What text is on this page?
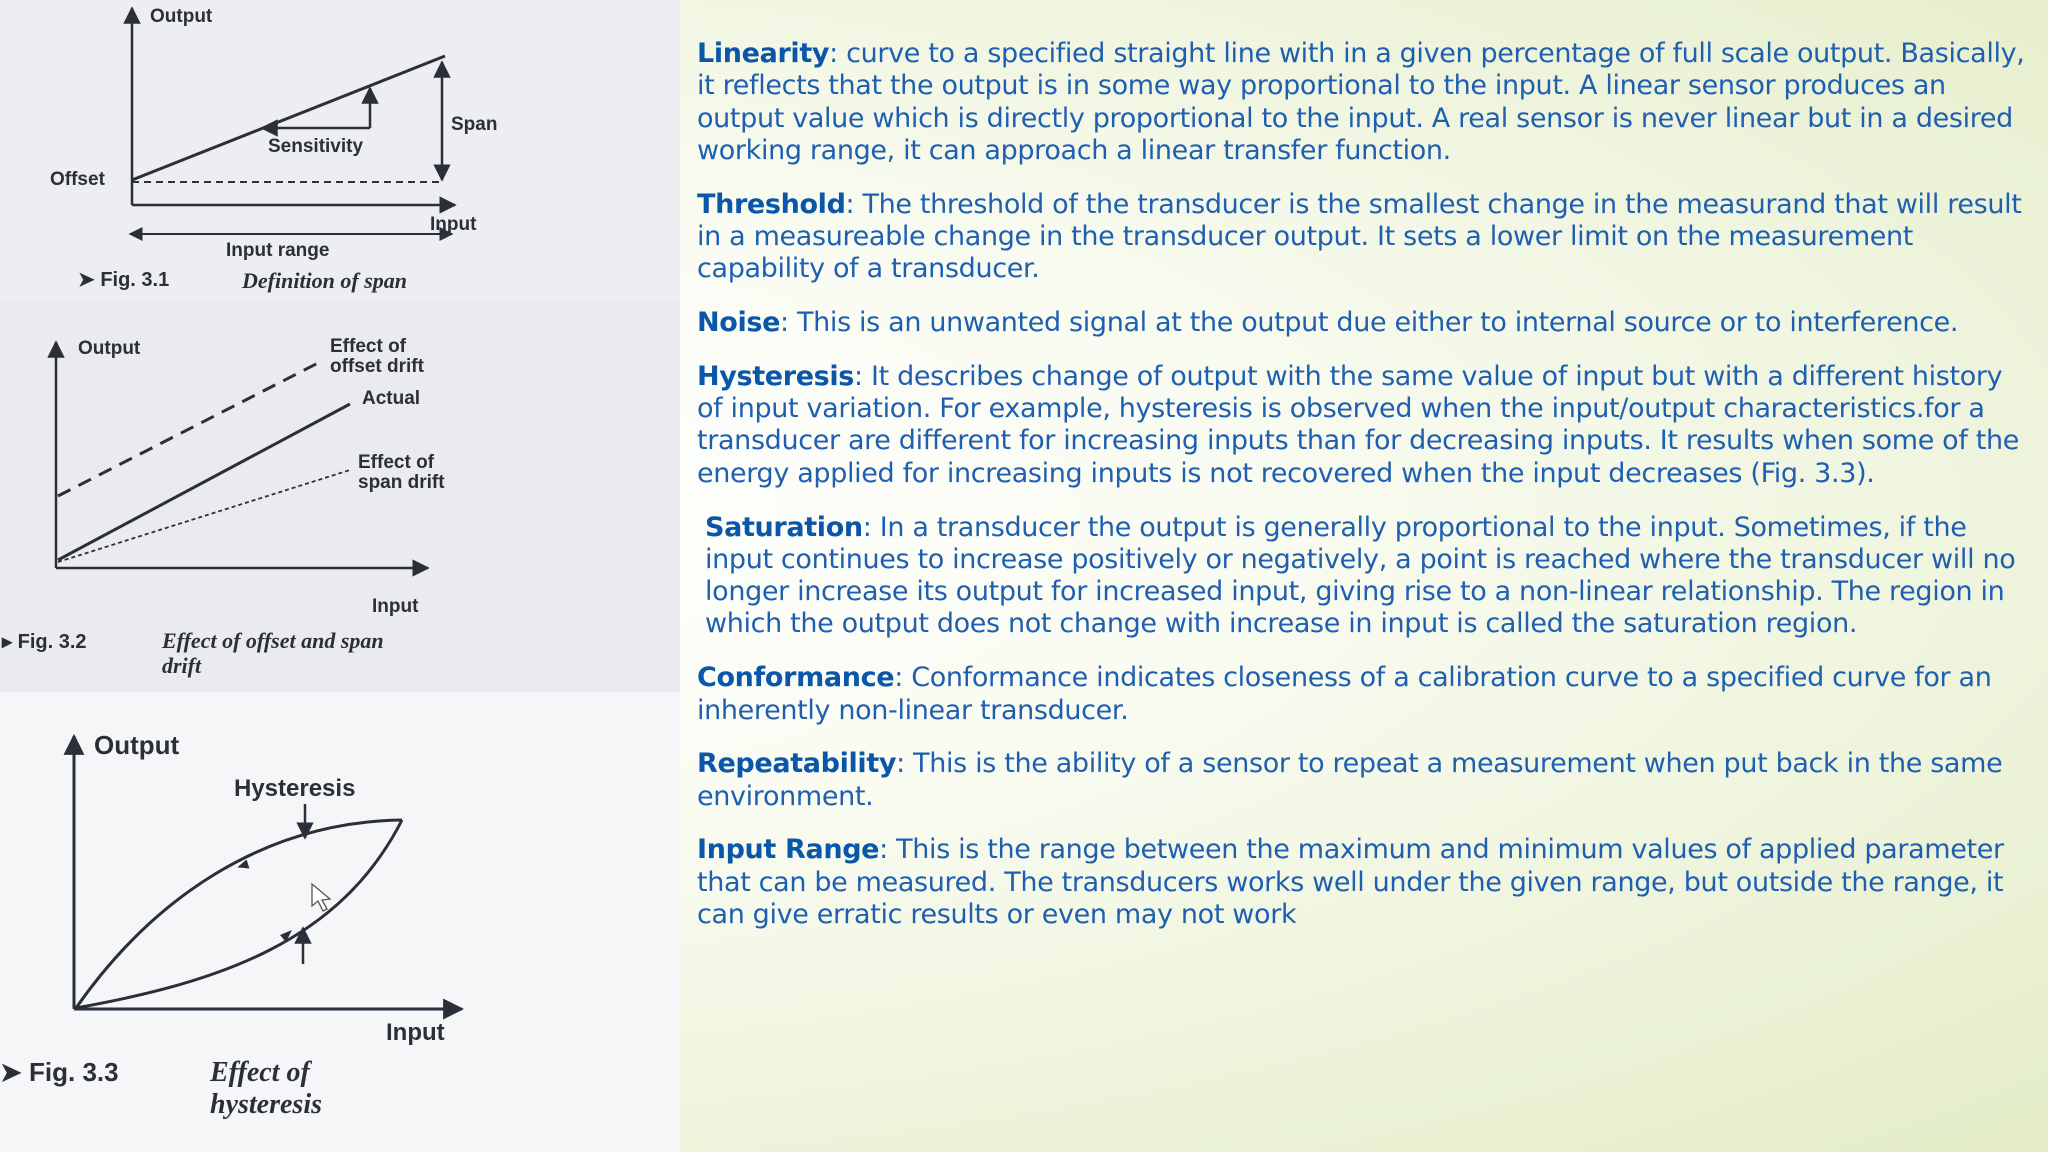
Output
Offset
Sensitivity
Span
Input
Input range
➤ Fig. 3.1	Definition of span
Output	Effect of
offset drift
Actual
Effect of
span drift
Input
▸ Fig. 3.2	Effect of offset and span
drift
Output
Hysteresis
Input
➤ Fig. 3.3	Effect of
hysteresis

Linearity: curve to a specified straight line with in a given percentage of full scale output. Basically, it reflects that the output is in some way proportional to the input. A linear sensor produces an output value which is directly proportional to the input. A real sensor is never linear but in a desired working range, it can approach a linear transfer function.

Threshold: The threshold of the transducer is the smallest change in the measurand that will result in a measureable change in the transducer output. It sets a lower limit on the measurement capability of a transducer.

Noise: This is an unwanted signal at the output due either to internal source or to interference.

Hysteresis: It describes change of output with the same value of input but with a different history of input variation. For example, hysteresis is observed when the input/output characteristics.for a transducer are different for increasing inputs than for decreasing inputs. It results when some of the energy applied for increasing inputs is not recovered when the input decreases (Fig. 3.3).

Saturation: In a transducer the output is generally proportional to the input. Sometimes, if the input continues to increase positively or negatively, a point is reached where the transducer will no longer increase its output for increased input, giving rise to a non-linear relationship. The region in which the output does not change with increase in input is called the saturation region.

Conformance: Conformance indicates closeness of a calibration curve to a specified curve for an inherently non-linear transducer.

Repeatability: This is the ability of a sensor to repeat a measurement when put back in the same environment.

Input Range: This is the range between the maximum and minimum values of applied parameter that can be measured. The transducers works well under the given range, but outside the range, it can give erratic results or even may not work
